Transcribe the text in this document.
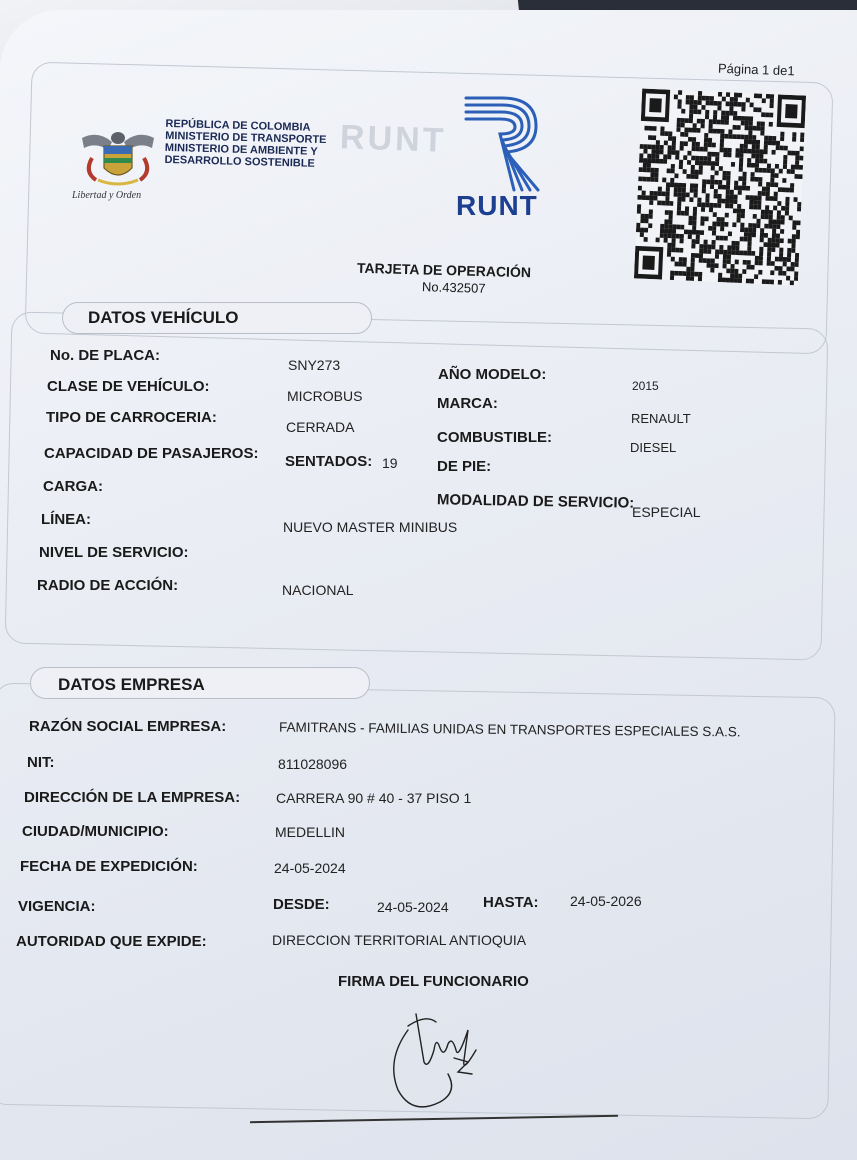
Página 1 de1
Libertad y Orden
REPÚBLICA DE COLOMBIA
MINISTERIO DE TRANSPORTE
MINISTERIO DE AMBIENTE Y
DESARROLLO SOSTENIBLE
RUNT
RUNT
TARJETA DE OPERACIÓN
No.432507
DATOS VEHÍCULO
No. DE PLACA:
SNY273
CLASE DE VEHÍCULO:
MICROBUS
TIPO DE CARROCERIA:
CERRADA
CAPACIDAD DE PASAJEROS: SENTADOS: 19
CARGA:
LÍNEA:	NUEVO MASTER MINIBUS
NIVEL DE SERVICIO:
RADIO DE ACCIÓN:	NACIONAL
AÑO MODELO:
2015
MARCA:
RENAULT
COMBUSTIBLE:
DIESEL
DE PIE:
MODALIDAD DE SERVICIO:
ESPECIAL
DATOS EMPRESA
RAZÓN SOCIAL EMPRESA:	FAMITRANS - FAMILIAS UNIDAS EN TRANSPORTES ESPECIALES S.A.S.
NIT:	811028096
DIRECCIÓN DE LA EMPRESA:	CARRERA 90 # 40 - 37 PISO 1
CIUDAD/MUNICIPIO:	MEDELLIN
FECHA DE EXPEDICIÓN:	24-05-2024
VIGENCIA:	DESDE:	24-05-2024 HASTA: 24-05-2026
AUTORIDAD QUE EXPIDE:	DIRECCION TERRITORIAL ANTIOQUIA
FIRMA DEL FUNCIONARIO
